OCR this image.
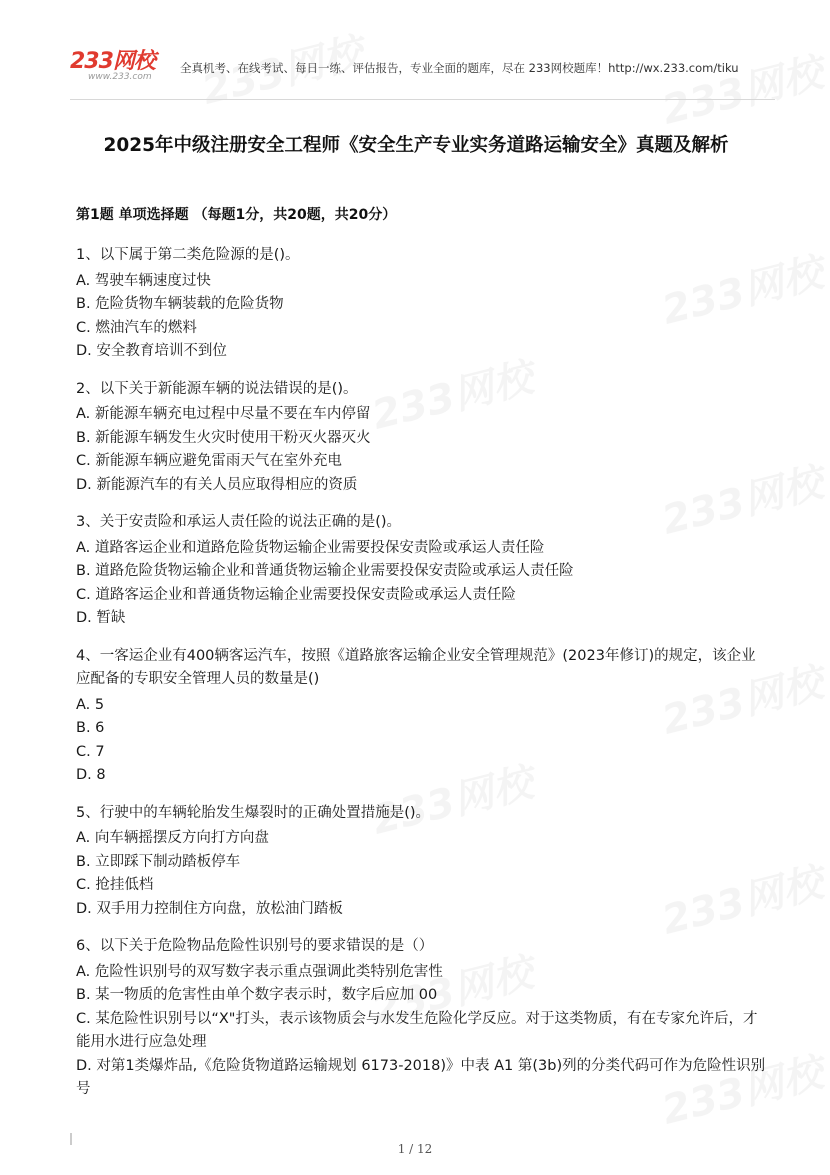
233网校
www.233.com
全真机考、在线考试、每日一练、评估报告，专业全面的题库，尽在 233网校题库！http://wx.233.com/tiku
2025年中级注册安全工程师《安全生产专业实务道路运输安全》真题及解析
第1题 单项选择题 （每题1分，共20题，共20分）

1、以下属于第二类危险源的是()。

A. 驾驶车辆速度过快

B. 危险货物车辆装载的危险货物

C. 燃油汽车的燃料

D. 安全教育培训不到位

2、以下关于新能源车辆的说法错误的是()。

A. 新能源车辆充电过程中尽量不要在车内停留

B. 新能源车辆发生火灾时使用干粉灭火器灭火

C. 新能源车辆应避免雷雨天气在室外充电

D. 新能源汽车的有关人员应取得相应的资质

3、关于安责险和承运人责任险的说法正确的是()。

A. 道路客运企业和道路危险货物运输企业需要投保安责险或承运人责任险

B. 道路危险货物运输企业和普通货物运输企业需要投保安责险或承运人责任险

C. 道路客运企业和普通货物运输企业需要投保安责险或承运人责任险

D. 暂缺

4、一客运企业有400辆客运汽车，按照《道路旅客运输企业安全管理规范》(2023年修订)的规定，该企业应配备的专职安全管理人员的数量是()

A. 5

B. 6

C. 7

D. 8

5、行驶中的车辆轮胎发生爆裂时的正确处置措施是()。

A. 向车辆摇摆反方向打方向盘

B. 立即踩下制动踏板停车

C. 抢挂低档

D. 双手用力控制住方向盘，放松油门踏板

6、以下关于危险物品危险性识别号的要求错误的是（）

A. 危险性识别号的双写数字表示重点强调此类特别危害性

B. 某一物质的危害性由单个数字表示时，数字后应加 00

C. 某危险性识别号以“X"打头，表示该物质会与水发生危险化学反应。对于这类物质，有在专家允许后，才能用水进行应急处理

D. 对第1类爆炸品,《危险货物道路运输规划 6173-2018)》中表 A1 第(3b)列的分类代码可作为危险性识别号

1 / 12
